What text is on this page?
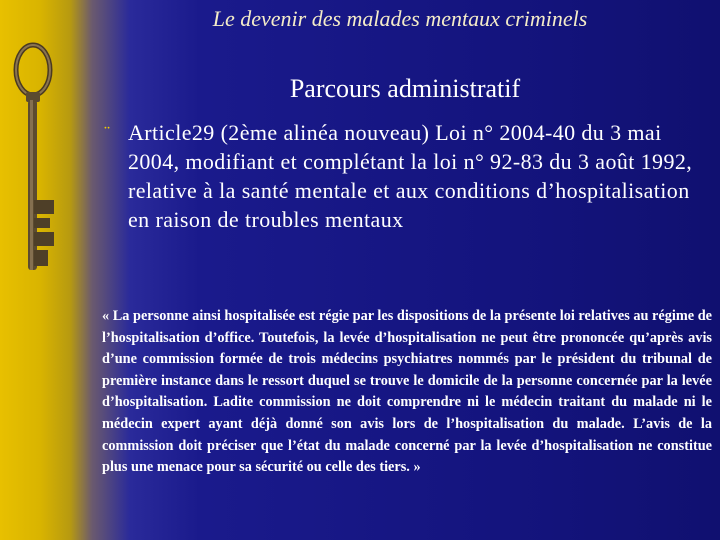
Le devenir des malades mentaux criminels
Parcours administratif
¨ Article29 (2ème alinéa nouveau) Loi n° 2004-40 du 3 mai 2004, modifiant et complétant la loi n° 92-83 du 3 août 1992, relative à la santé mentale et aux conditions d’hospitalisation en raison de troubles mentaux
« La personne ainsi hospitalisée est régie par les dispositions de la présente loi relatives au régime de l’hospitalisation d’office. Toutefois, la levée d’hospitalisation ne peut être prononcée qu’après avis d’une commission formée de trois médecins psychiatres nommés par le président du tribunal de première instance dans le ressort duquel se trouve le domicile de la personne concernée par la levée d’hospitalisation. Ladite commission ne doit comprendre ni le médecin traitant du malade ni le médecin expert ayant déjà donné son avis lors de l’hospitalisation du malade. L’avis de la commission doit préciser que l’état du malade concerné par la levée d’hospitalisation ne constitue plus une menace pour sa sécurité ou celle des tiers. »
